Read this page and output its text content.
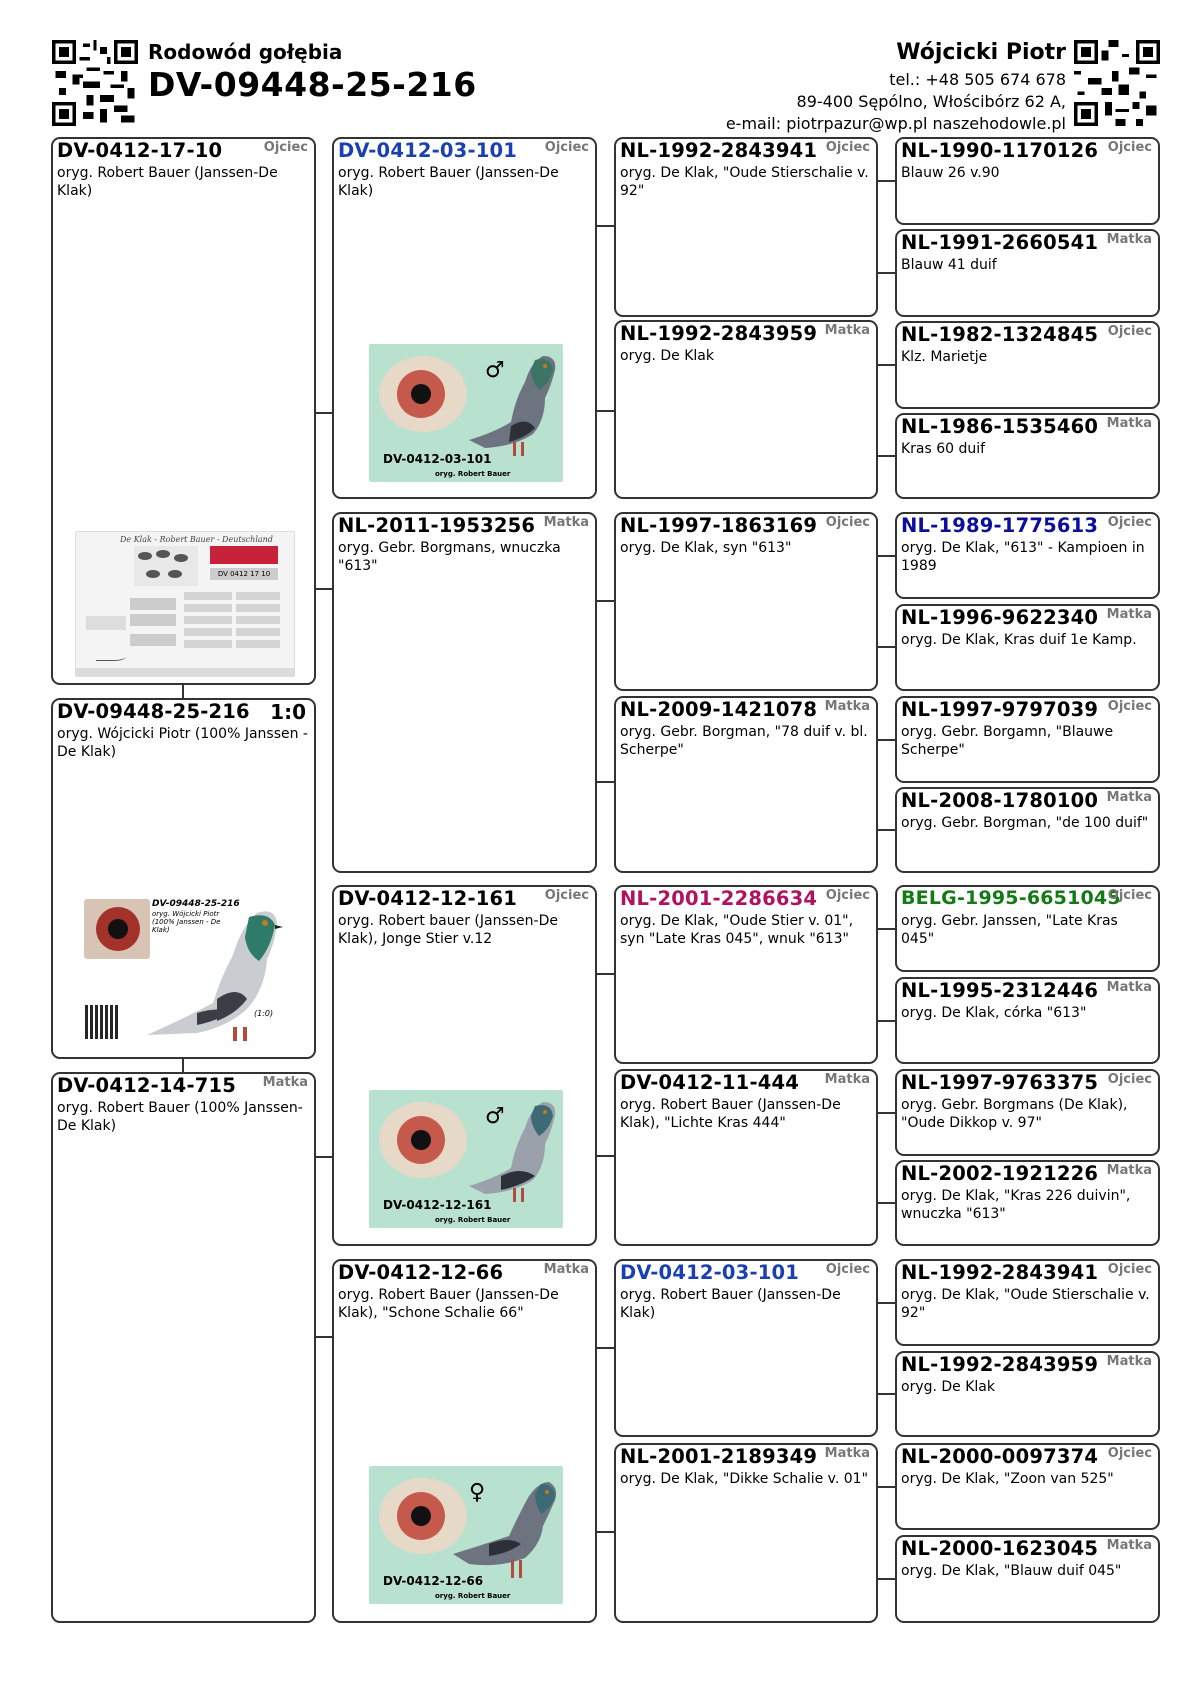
Rodowód gołębia
DV-09448-25-216
Wójcicki Piotr
tel.: +48 505 674 678
89-400 Sępólno, Włościbórz 62 A,
e-mail: piotrpazur@wp.pl naszehodowle.pl
DV-0412-17-10	Ojciec
oryg. Robert Bauer (Janssen-De Klak)
De Klak - Robert Bauer - Deutschland
DV 0412 17 10
DV-09448-25-216 1:0
oryg. Wójcicki Piotr (100% Janssen - De Klak)
DV-09448-25-216
oryg. Wójcicki Piotr (100% Janssen - De Klak)
(1:0)
DV-0412-14-715 Matka
oryg. Robert Bauer (100% Janssen-De Klak)
DV-0412-03-101 Ojciec
oryg. Robert Bauer (Janssen-De Klak)
♂
DV-0412-03-101
oryg. Robert Bauer
NL-2011-1953256 Matka
oryg. Gebr. Borgmans, wnuczka "613"
DV-0412-12-161 Ojciec
oryg. Robert bauer (Janssen-De Klak), Jonge Stier v.12
♂
DV-0412-12-161
oryg. Robert Bauer
DV-0412-12-66	Matka
oryg. Robert Bauer (Janssen-De Klak), "Schone Schalie 66"
♀
DV-0412-12-66
oryg. Robert Bauer
NL-1992-2843941 Ojciec
oryg. De Klak, "Oude Stierschalie v. 92"
NL-1992-2843959 Matka
oryg. De Klak
NL-1997-1863169 Ojciec
oryg. De Klak, syn "613"
NL-2009-1421078 Matka
oryg. Gebr. Borgman, "78 duif v. bl. Scherpe"
NL-2001-2286634 Ojciec
oryg. De Klak, "Oude Stier v. 01", syn "Late Kras 045", wnuk "613"
DV-0412-11-444 Matka
oryg. Robert Bauer (Janssen-De Klak), "Lichte Kras 444"
DV-0412-03-101 Ojciec
oryg. Robert Bauer (Janssen-De Klak)
NL-2001-2189349 Matka
oryg. De Klak, "Dikke Schalie v. 01"
NL-1990-1170126 Ojciec
Blauw 26 v.90
NL-1991-2660541 Matka
Blauw 41 duif
NL-1982-1324845 Ojciec
Klz. Marietje
NL-1986-1535460 Matka
Kras 60 duif
NL-1989-1775613 Ojciec
oryg. De Klak, "613" - Kampioen in 1989
NL-1996-9622340 Matka
oryg. De Klak, Kras duif 1e Kamp.
NL-1997-9797039 Ojciec
oryg. Gebr. Borgamn, "Blauwe Scherpe"
NL-2008-1780100 Matka
oryg. Gebr. Borgman, "de 100 duif"
BELG-1995-6651045
Ojciec
oryg. Gebr. Janssen, "Late Kras 045"
NL-1995-2312446 Matka
oryg. De Klak, córka "613"
NL-1997-9763375 Ojciec
oryg. Gebr. Borgmans (De Klak), "Oude Dikkop v. 97"
NL-2002-1921226 Matka
oryg. De Klak, "Kras 226 duivin", wnuczka "613"
NL-1992-2843941 Ojciec
oryg. De Klak, "Oude Stierschalie v. 92"
NL-1992-2843959 Matka
oryg. De Klak
NL-2000-0097374 Ojciec
oryg. De Klak, "Zoon van 525"
NL-2000-1623045 Matka
oryg. De Klak, "Blauw duif 045"
